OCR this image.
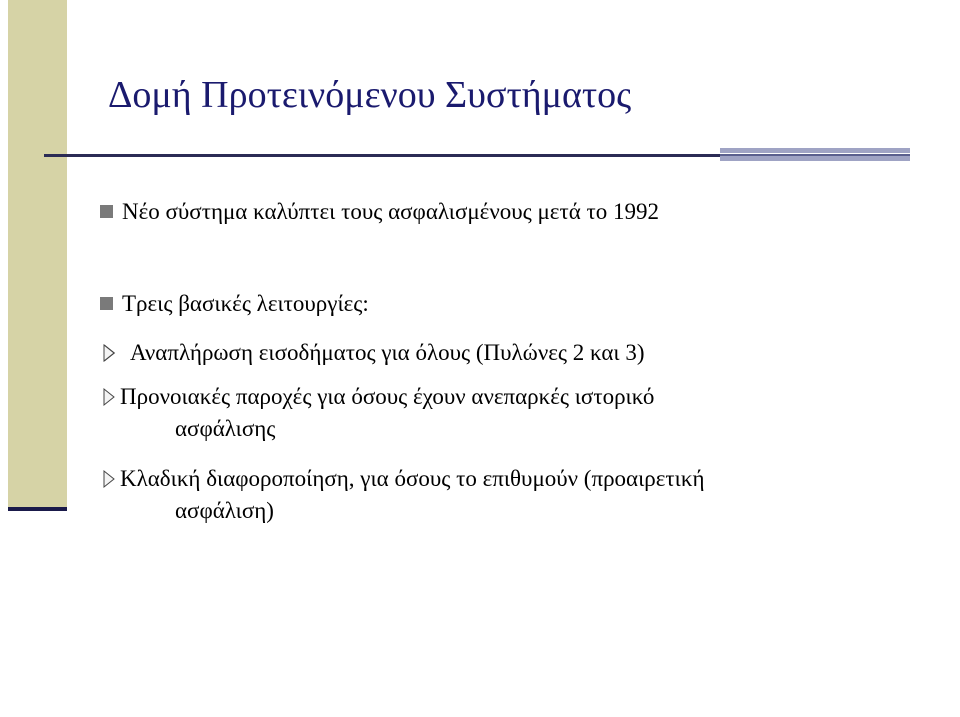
Δομή Προτεινόμενου Συστήματος
Νέο σύστημα καλύπτει τους ασφαλισμένους μετά το 1992
Τρεις βασικές λειτουργίες:
Αναπλήρωση εισοδήματος για όλους (Πυλώνες 2 και 3)
Προνοιακές παροχές για όσους έχουν ανεπαρκές ιστορικό
ασφάλισης
Κλαδική διαφοροποίηση, για όσους το επιθυμούν (προαιρετική
ασφάλιση)
